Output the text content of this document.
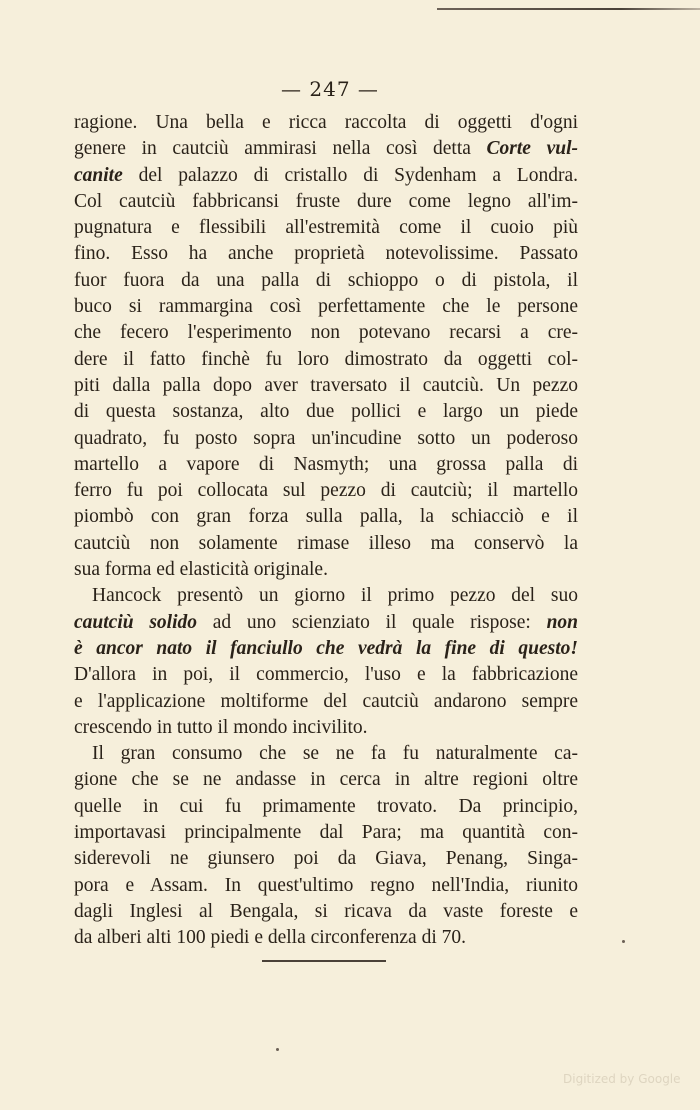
— 247 —
ragione. Una bella e ricca raccolta di oggetti d'ogni
genere in cautciù ammirasi nella così detta Corte vul-
canite del palazzo di cristallo di Sydenham a Londra.
Col cautciù fabbricansi fruste dure come legno all'im-
pugnatura e flessibili all'estremità come il cuoio più
fino. Esso ha anche proprietà notevolissime. Passato
fuor fuora da una palla di schioppo o di pistola, il
buco si rammargina così perfettamente che le persone
che fecero l'esperimento non potevano recarsi a cre-
dere il fatto finchè fu loro dimostrato da oggetti col-
piti dalla palla dopo aver traversato il cautciù. Un pezzo
di questa sostanza, alto due pollici e largo un piede
quadrato, fu posto sopra un'incudine sotto un poderoso
martello a vapore di Nasmyth; una grossa palla di
ferro fu poi collocata sul pezzo di cautciù; il martello
piombò con gran forza sulla palla, la schiacciò e il
cautciù non solamente rimase illeso ma conservò la
sua forma ed elasticità originale.
Hancock presentò un giorno il primo pezzo del suo
cautciù solido ad uno scienziato il quale rispose: non
è ancor nato il fanciullo che vedrà la fine di questo!
D'allora in poi, il commercio, l'uso e la fabbricazione
e l'applicazione moltiforme del cautciù andarono sempre
crescendo in tutto il mondo incivilito.
Il gran consumo che se ne fa fu naturalmente ca-
gione che se ne andasse in cerca in altre regioni oltre
quelle in cui fu primamente trovato. Da principio,
importavasi principalmente dal Para; ma quantità con-
siderevoli ne giunsero poi da Giava, Penang, Singa-
pora e Assam. In quest'ultimo regno nell'India, riunito
dagli Inglesi al Bengala, si ricava da vaste foreste e
da alberi alti 100 piedi e della circonferenza di 70.
Digitized by Google
